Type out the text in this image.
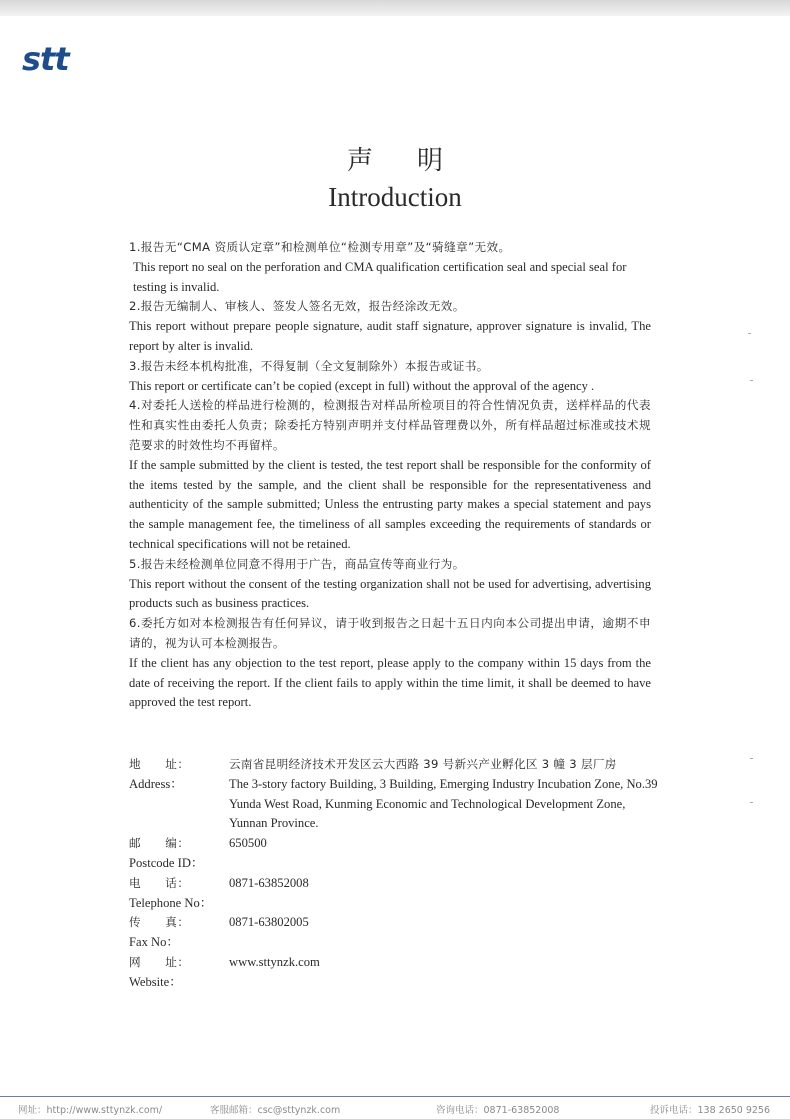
stt
声明
Introduction

1.报告无“CMA 资质认定章”和检测单位“检测专用章”及“骑缝章”无效。

This report no seal on the perforation and CMA qualification certification seal and special seal for testing is invalid.

2.报告无编制人、审核人、签发人签名无效，报告经涂改无效。

This report without prepare people signature, audit staff signature, approver signature is invalid, The report by alter is invalid.

3.报告未经本机构批准，不得复制（全文复制除外）本报告或证书。

This report or certificate can’t be copied (except in full) without the approval of the agency .

4.对委托人送检的样品进行检测的，检测报告对样品所检项目的符合性情况负责，送样样品的代表性和真实性由委托人负责；除委托方特别声明并支付样品管理费以外，所有样品超过标准或技术规范要求的时效性均不再留样。

If the sample submitted by the client is tested, the test report shall be responsible for the conformity of the items tested by the sample, and the client shall be responsible for the representativeness and authenticity of the sample submitted; Unless the entrusting party makes a special statement and pays the sample management fee, the timeliness of all samples exceeding the requirements of standards or technical specifications will not be retained.

5.报告未经检测单位同意不得用于广告，商品宣传等商业行为。

This report without the consent of the testing organization shall not be used for advertising, advertising products such as business practices.

6.委托方如对本检测报告有任何异议，请于收到报告之日起十五日内向本公司提出申请，逾期不申请的，视为认可本检测报告。

If the client has any objection to the test report, please apply to the company within 15 days from the date of receiving the report. If the client fails to apply within the time limit, it shall be deemed to have approved the test report.

地　　址：	云南省昆明经济技术开发区云大西路 39 号新兴产业孵化区 3 幢 3 层厂房
Address：	The 3-story factory Building, 3 Building, Emerging Industry Incubation Zone, No.39 Yunda West Road, Kunming Economic and Technological Development Zone, Yunnan Province.
邮　　编：	650500
Postcode ID：
电　　话：	0871-63852008
Telephone No：
传　　真：	0871-63802005
Fax No：
网　　址：	www.sttynzk.com
Website：
网址：http://www.sttynzk.com/	客服邮箱：csc@sttynzk.com	咨询电话：0871-63852008	投诉电话：138 2650 9256
